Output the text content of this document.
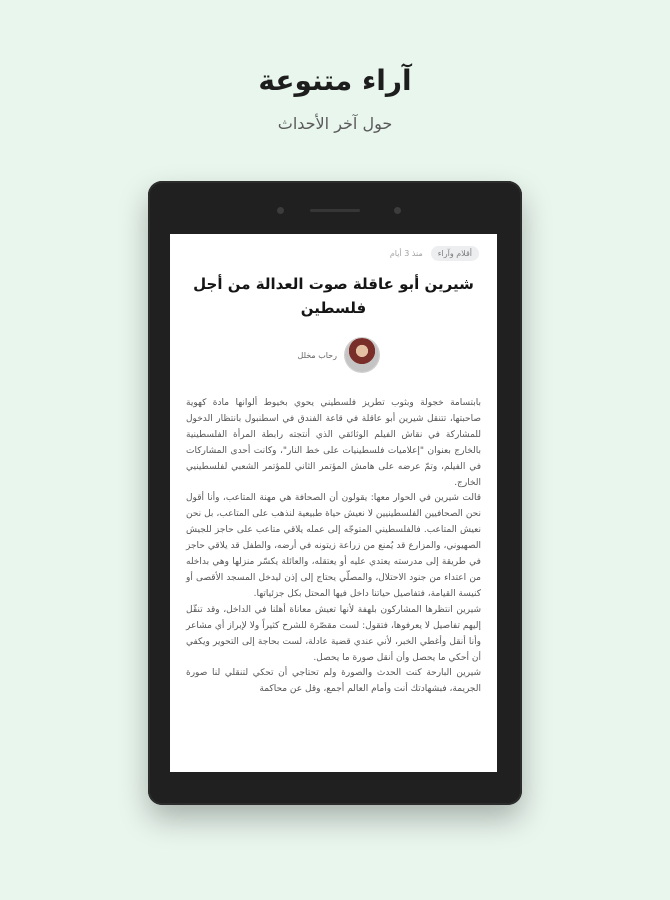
آراء متنوعة
حول آخر الأحداث
أقلام وآراء
منذ 3 أيام
شيرين أبو عاقلة صوت العدالة من أجل فلسطين
رحاب مخلل

بابتسامة خجولة وبثوب تطريز فلسطيني يحوي بخيوط ألوانها مادة كهوية صاحبتها، تتنقل شيرين أبو عاقلة في قاعة الفندق في اسطنبول بانتظار الدخول للمشاركة في نقاش الفيلم الوثائقي الذي أنتجته رابطة المرأة الفلسطينية بالخارج بعنوان "إعلاميات فلسطينيات على خط النار"، وكانت أحدى المشاركات في الفيلم، وتمّ عرضه على هامش المؤتمر الثاني للمؤتمر الشعبي لفلسطينيي الخارج.

قالت شيرين في الحوار معها: يقولون أن الصحافة هي مهنة المتاعب، وأنا أقول نحن الصحافيين الفلسطينيين لا نعيش حياة طبيعية لنذهب على المتاعب، بل نحن نعيش المتاعب. فالفلسطيني المتوجّه إلى عمله يلاقي متاعب على حاجز للجيش الصهيوني، والمزارع قد يُمنع من زراعة زيتونه في أرضه، والطفل قد يلاقي حاجز في طريقة إلى مدرسته يعتدي عليه أو يعتقله، والعائلة يكسّر منزلها وهي بداخله من اعتداء من جنود الاحتلال، والمصلّي يحتاج إلى إذن ليدخل المسجد الأقصى أو كنيسة القيامة، فتفاصيل حياتنا داخل فيها المحتل بكل جزئياتها.

شيرين انتظرها المشاركون بلهفة لأنها تعيش معاناة أهلنا في الداخل، وقد تنقّل إليهم تفاصيل لا يعرفوها، فتقول: لست مقصّرة للشرح كثيراً ولا لإبراز أي مشاعر وأنا أنقل وأغطي الخبر، لأني عندي قضية عادلة، لست بحاجة إلى التحوير ويكفي أن أحكي ما يحصل وأن أنقل صورة ما يحصل.

شيرين البارحة كنت الحدث والصورة ولم تحتاجي أن تحكي لتنقلي لنا صورة الجريمة، فبشهادتك أنت وأمام العالم أجمع، وقل عن محاكمة
